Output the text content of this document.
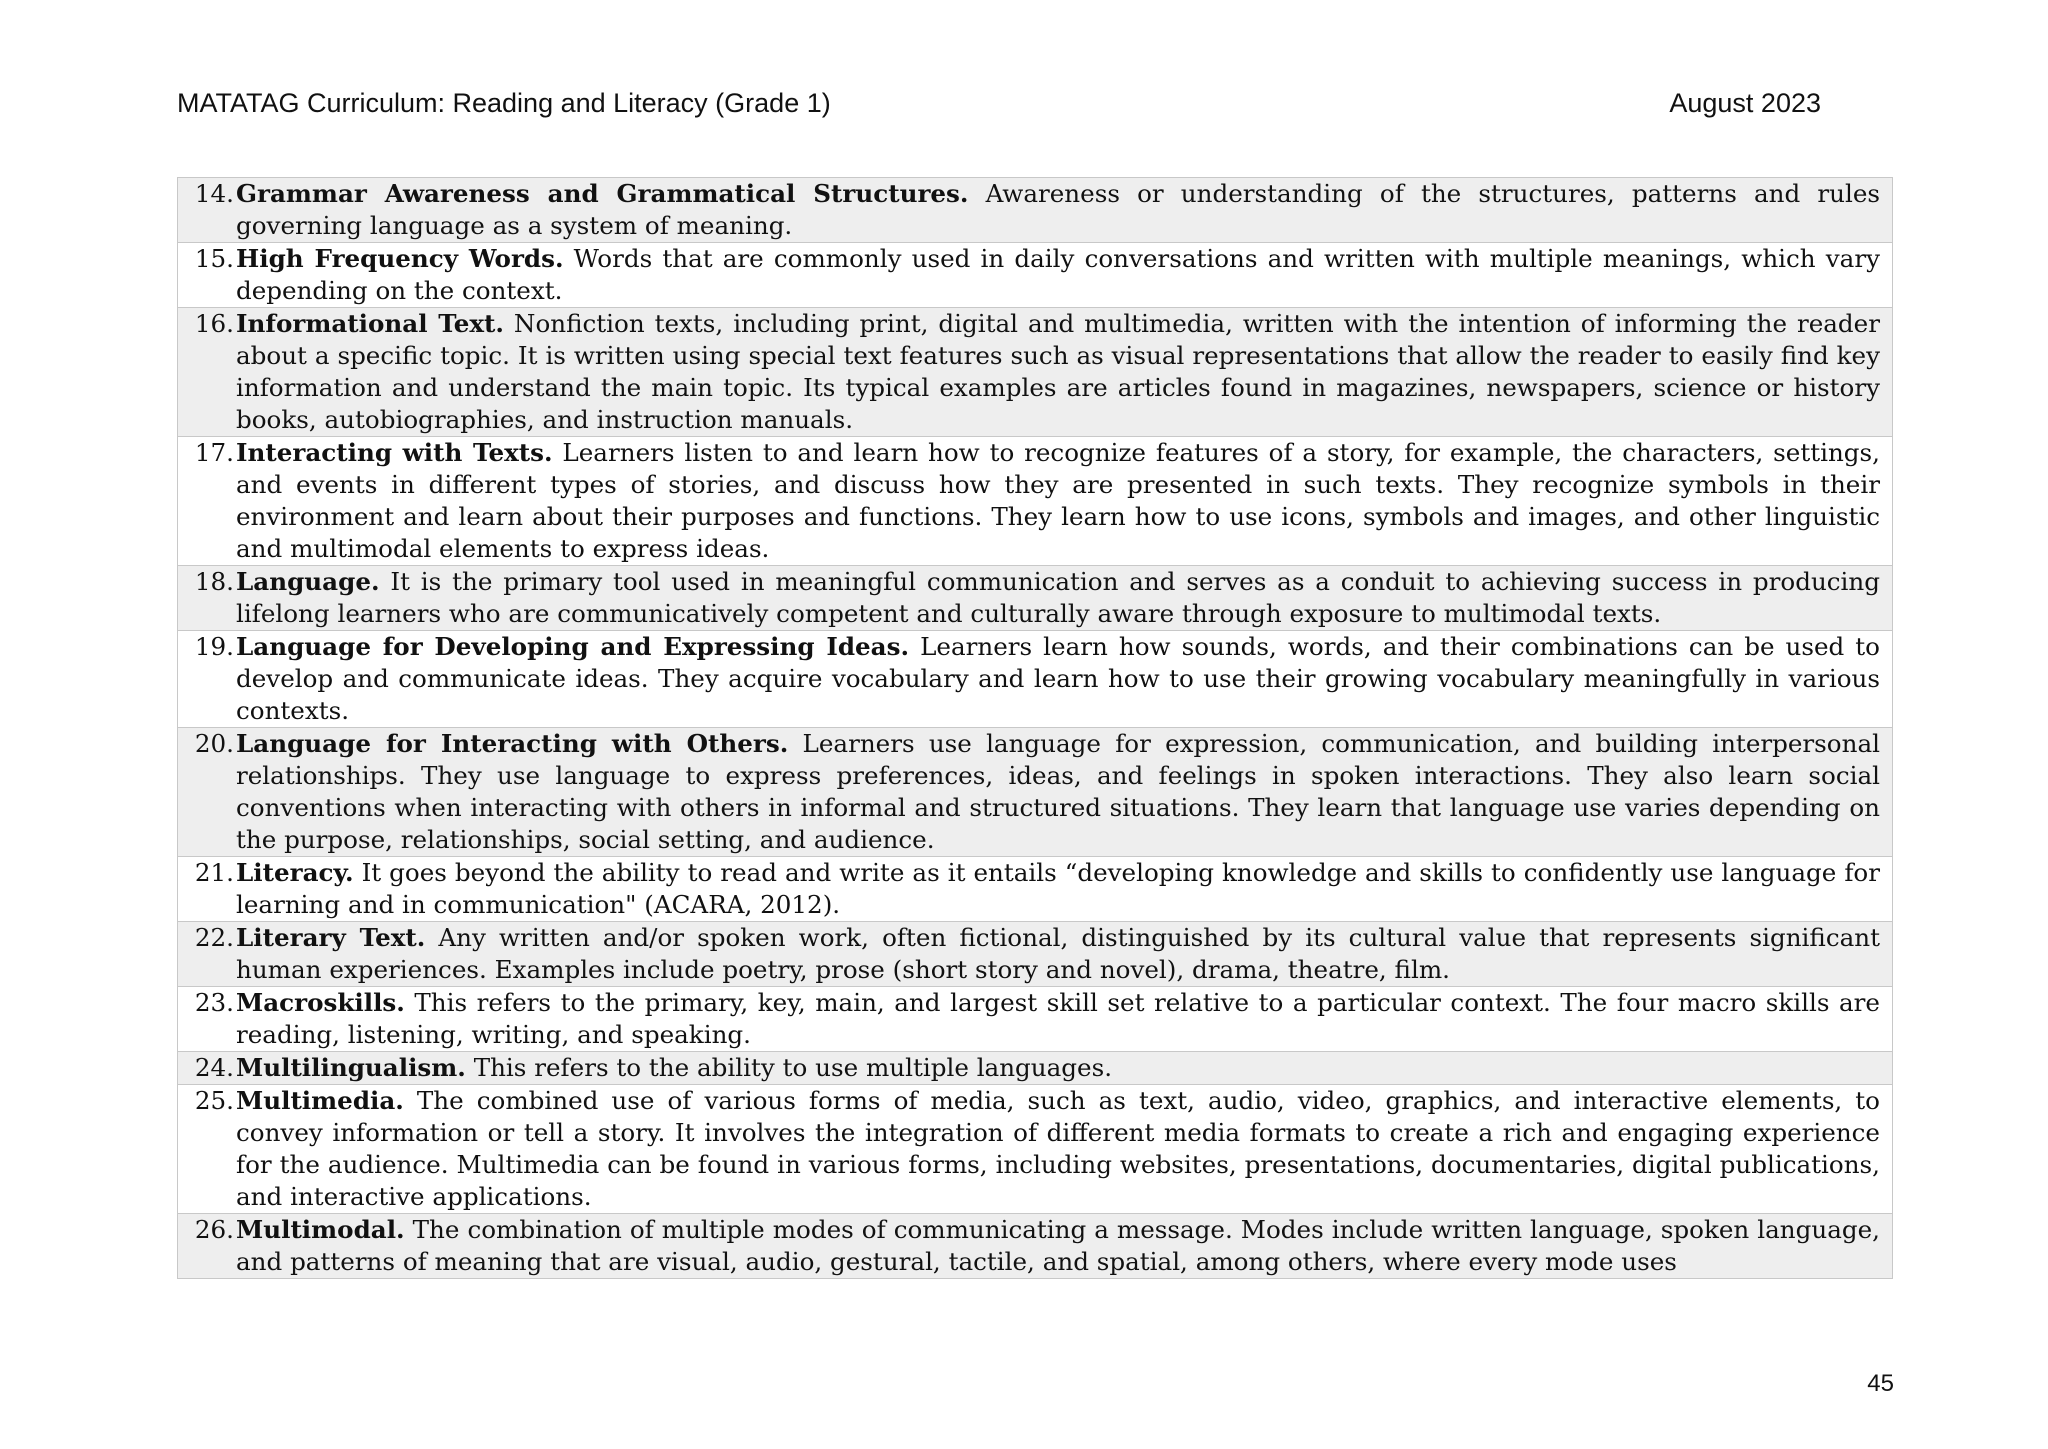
MATATAG Curriculum: Reading and Literacy (Grade 1)	August 2023
14. Grammar Awareness and Grammatical Structures. Awareness or understanding of the structures, patterns and rules governing language as a system of meaning.
15. High Frequency Words. Words that are commonly used in daily conversations and written with multiple meanings, which vary depending on the context.
16. Informational Text. Nonfiction texts, including print, digital and multimedia, written with the intention of informing the reader about a specific topic. It is written using special text features such as visual representations that allow the reader to easily find key information and understand the main topic. Its typical examples are articles found in magazines, newspapers, science or history books, autobiographies, and instruction manuals.
17. Interacting with Texts. Learners listen to and learn how to recognize features of a story, for example, the characters, settings, and events in different types of stories, and discuss how they are presented in such texts. They recognize symbols in their environment and learn about their purposes and functions. They learn how to use icons, symbols and images, and other linguistic and multimodal elements to express ideas.
18. Language. It is the primary tool used in meaningful communication and serves as a conduit to achieving success in producing lifelong learners who are communicatively competent and culturally aware through exposure to multimodal texts.
19. Language for Developing and Expressing Ideas. Learners learn how sounds, words, and their combinations can be used to develop and communicate ideas. They acquire vocabulary and learn how to use their growing vocabulary meaningfully in various contexts.
20. Language for Interacting with Others. Learners use language for expression, communication, and building interpersonal relationships. They use language to express preferences, ideas, and feelings in spoken interactions. They also learn social conventions when interacting with others in informal and structured situations. They learn that language use varies depending on the purpose, relationships, social setting, and audience.
21. Literacy. It goes beyond the ability to read and write as it entails “developing knowledge and skills to confidently use language for learning and in communication" (ACARA, 2012).
22. Literary Text. Any written and/or spoken work, often fictional, distinguished by its cultural value that represents significant human experiences. Examples include poetry, prose (short story and novel), drama, theatre, film.
23. Macroskills. This refers to the primary, key, main, and largest skill set relative to a particular context. The four macro skills are reading, listening, writing, and speaking.
24. Multilingualism. This refers to the ability to use multiple languages.
25. Multimedia. The combined use of various forms of media, such as text, audio, video, graphics, and interactive elements, to convey information or tell a story. It involves the integration of different media formats to create a rich and engaging experience for the audience. Multimedia can be found in various forms, including websites, presentations, documentaries, digital publications, and interactive applications.
26. Multimodal. The combination of multiple modes of communicating a message. Modes include written language, spoken language, and patterns of meaning that are visual, audio, gestural, tactile, and spatial, among others, where every mode uses
45
